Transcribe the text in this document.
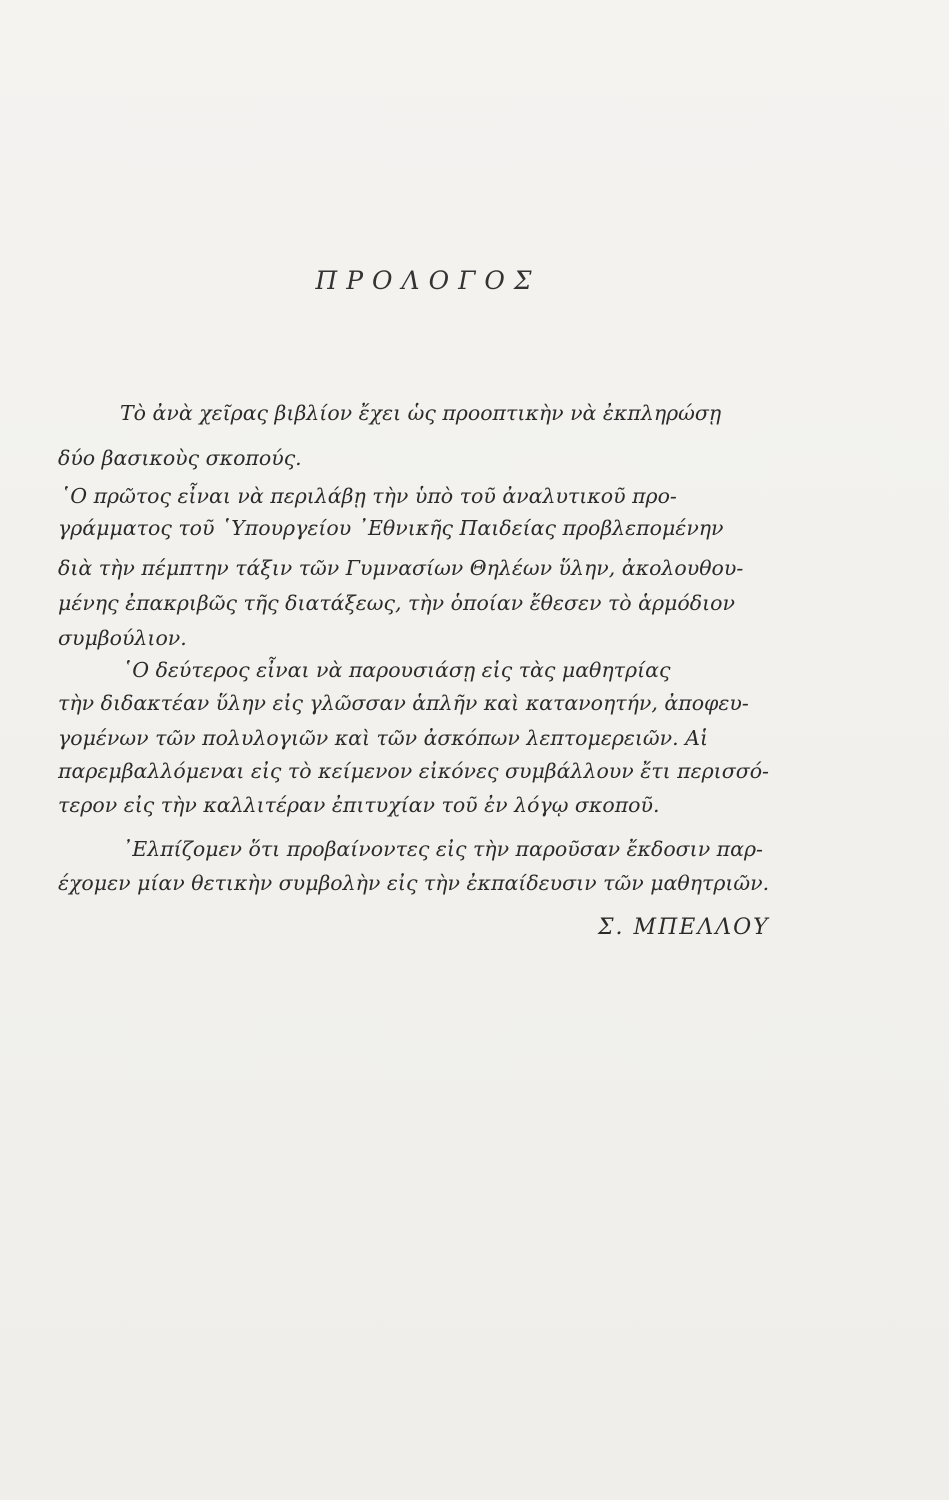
ΠΡΟΛΟΓΟΣ
Τὸ ἀνὰ χεῖρας βιβλίον ἔχει ὡς προοπτικὴν νὰ ἐκπληρώσῃ
δύο βασικοὺς σκοπούς.
῾Ο πρῶτος εἶναι νὰ περιλάβῃ τὴν ὑπὸ τοῦ ἀναλυτικοῦ προ-
γράμματος τοῦ ῾Υπουργείου ᾿Εθνικῆς Παιδείας προβλεπομένην
διὰ τὴν πέμπτην τάξιν τῶν Γυμνασίων Θηλέων ὕλην, ἀκολουθου-
μένης ἐπακριβῶς τῆς διατάξεως, τὴν ὁποίαν ἔθεσεν τὸ ἁρμόδιον
συμβούλιον.
῾Ο δεύτερος εἶναι νὰ παρουσιάσῃ εἰς τὰς μαθητρίας
τὴν διδακτέαν ὕλην εἰς γλῶσσαν ἁπλῆν καὶ κατανοητήν, ἀποφευ-
γομένων τῶν πολυλογιῶν καὶ τῶν ἀσκόπων λεπτομερειῶν. Αἱ
παρεμβαλλόμεναι εἰς τὸ κείμενον εἰκόνες συμβάλλουν ἔτι περισσό-
τερον εἰς τὴν καλλιτέραν ἐπιτυχίαν τοῦ ἐν λόγῳ σκοποῦ.
᾿Ελπίζομεν ὅτι προβαίνοντες εἰς τὴν παροῦσαν ἔκδοσιν παρ-
έχομεν μίαν θετικὴν συμβολὴν εἰς τὴν ἐκπαίδευσιν τῶν μαθητριῶν.
Σ. ΜΠΕΛΛΟΥ
